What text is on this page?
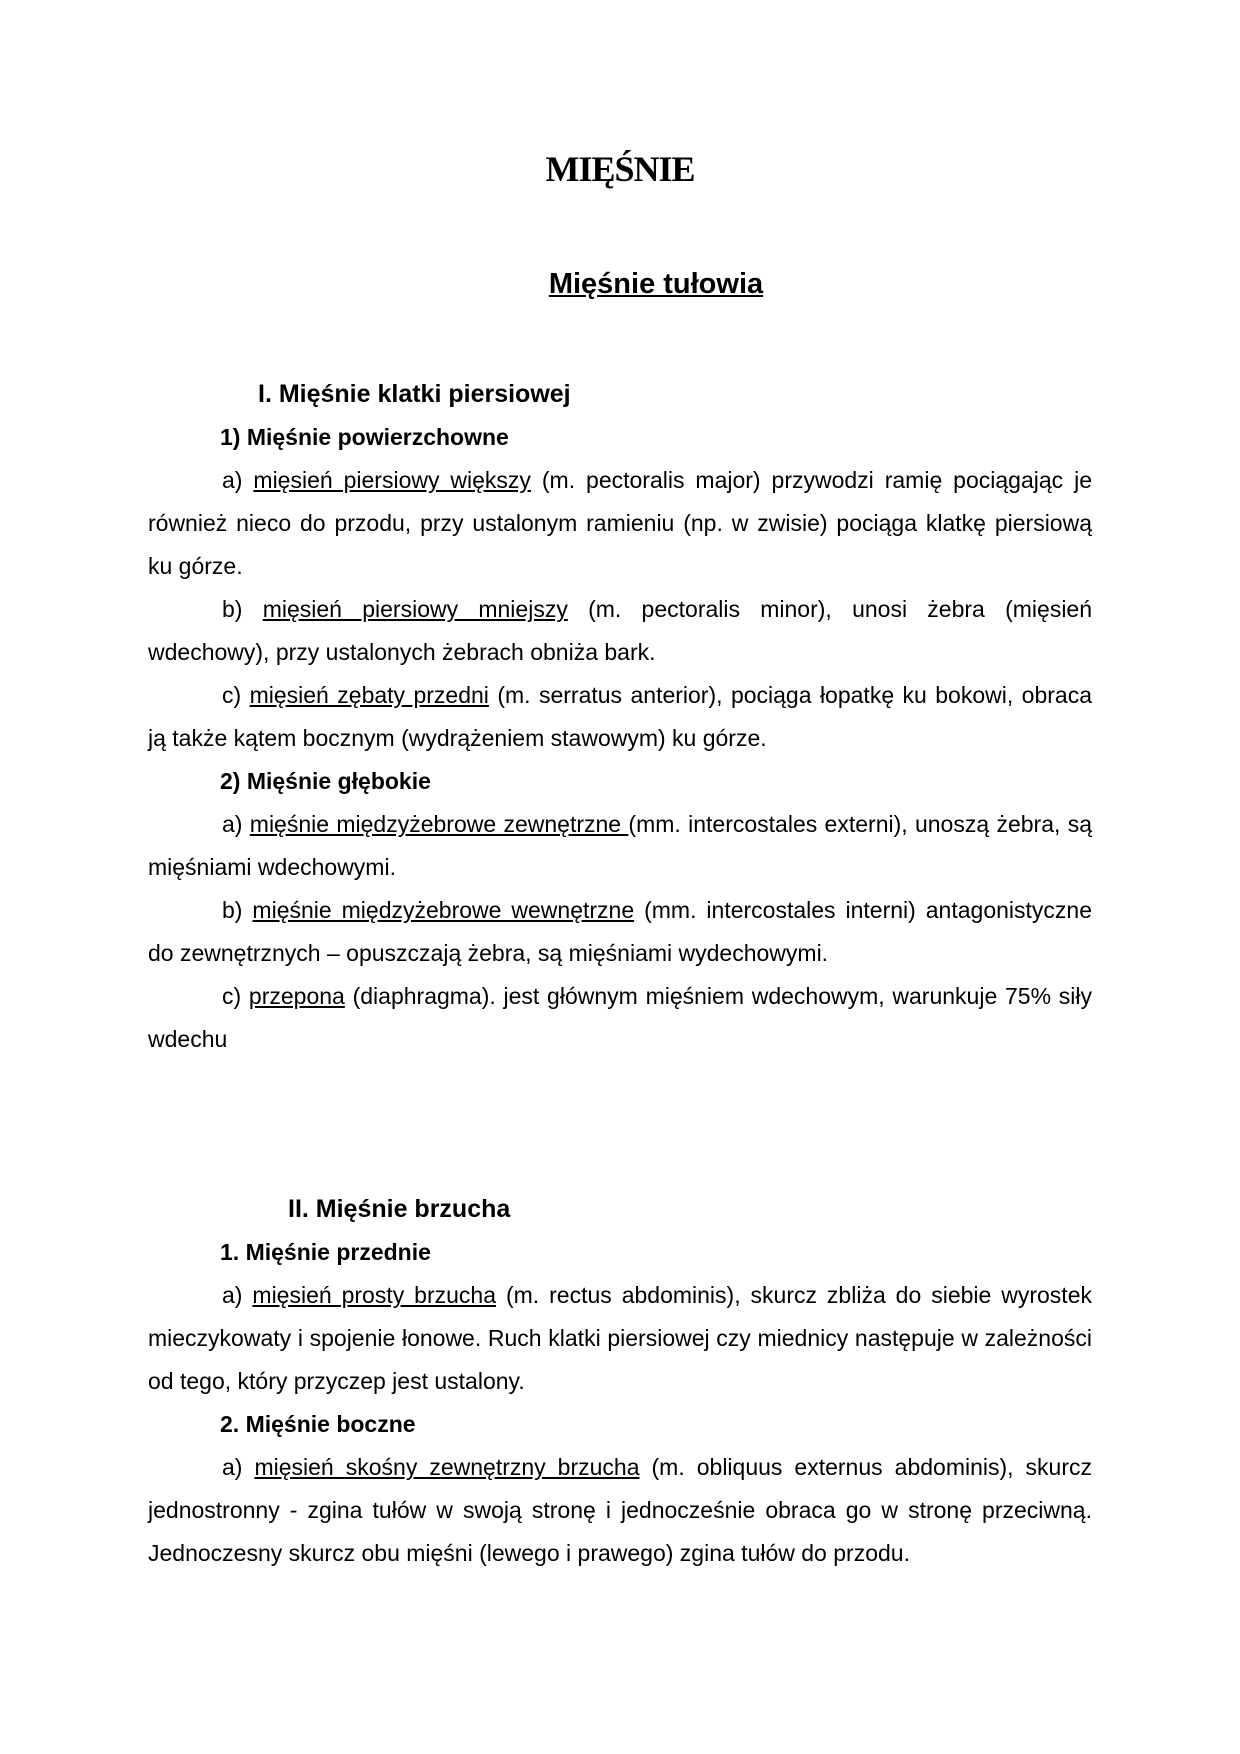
MIĘŚNIE
Mięśnie tułowia

I. Mięśnie klatki piersiowej

1) Mięśnie powierzchowne

a) mięsień piersiowy większy (m. pectoralis major) przywodzi ramię pociągając je również nieco do przodu, przy ustalonym ramieniu (np. w zwisie) pociąga klatkę piersiową ku górze.

b) mięsień piersiowy mniejszy (m. pectoralis minor), unosi żebra (mięsień wdechowy), przy ustalonych żebrach obniża bark.

c) mięsień zębaty przedni (m. serratus anterior), pociąga łopatkę ku bokowi, obraca ją także kątem bocznym (wydrążeniem stawowym) ku górze.

2) Mięśnie głębokie

a) mięśnie międzyżebrowe zewnętrzne (mm. intercostales externi), unoszą żebra, są mięśniami wdechowymi.

b) mięśnie międzyżebrowe wewnętrzne (mm. intercostales interni) antagonistyczne do zewnętrznych – opuszczają żebra, są mięśniami wydechowymi.

c) przepona (diaphragma). jest głównym mięśniem wdechowym, warunkuje 75% siły wdechu

II. Mięśnie brzucha

1. Mięśnie przednie

a) mięsień prosty brzucha (m. rectus abdominis), skurcz zbliża do siebie wyrostek mieczykowaty i spojenie łonowe. Ruch klatki piersiowej czy miednicy następuje w zależności od tego, który przyczep jest ustalony.

2. Mięśnie boczne

a) mięsień skośny zewnętrzny brzucha (m. obliquus externus abdominis), skurcz jednostronny - zgina tułów w swoją stronę i jednocześnie obraca go w stronę przeciwną. Jednoczesny skurcz obu mięśni (lewego i prawego) zgina tułów do przodu.
